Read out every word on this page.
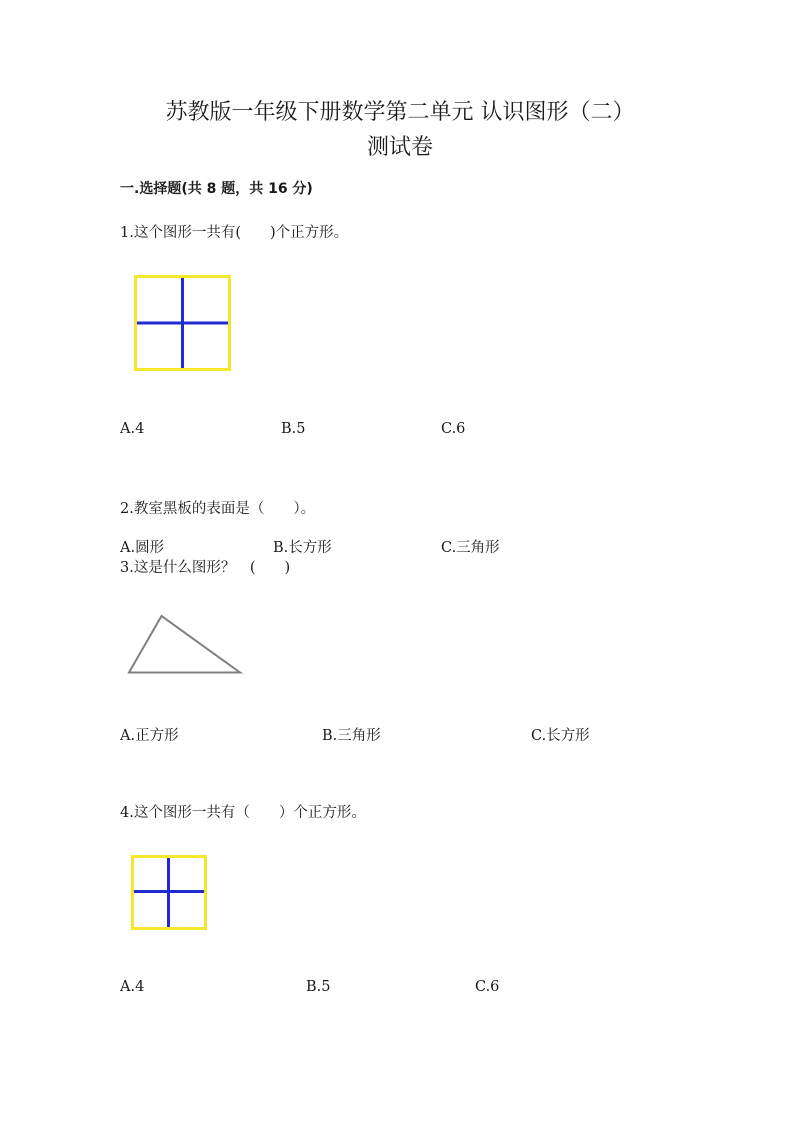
苏教版一年级下册数学第二单元 认识图形（二）
测试卷
一.选择题(共 8 题，共 16 分)
1.这个图形一共有(　　)个正方形。
A.4	B.5	C.6
2.教室黑板的表面是（　　）。
A.圆形	B.长方形	C.三角形
3.这是什么图形？　(　　)
A.正方形	B.三角形	C.长方形
4.这个图形一共有（　　）个正方形。
A.4	B.5	C.6
